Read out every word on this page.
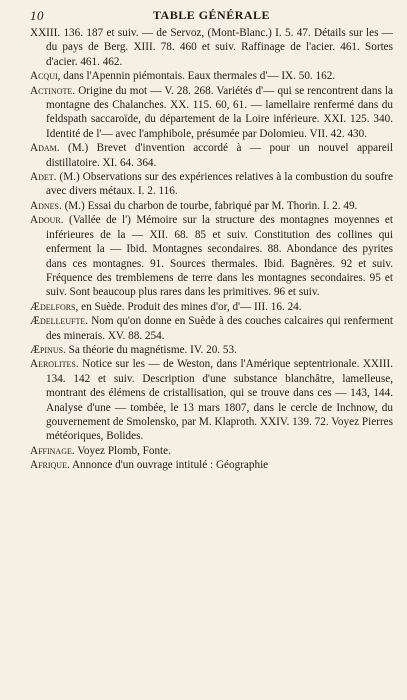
10	TABLE GÉNÉRALE

XXIII. 136. 187 et suiv. — de Servoz, (Mont-Blanc.) I. 5. 47. Détails sur les — du pays de Berg. XIII. 78. 460 et suiv. Raffinage de l'acier. 461. Sortes d'acier. 461. 462.

Acqui, dans l'Apennin piémontais. Eaux thermales d'— IX. 50. 162.

Actinote. Origine du mot — V. 28. 268. Variétés d'— qui se rencontrent dans la montagne des Chalanches. XX. 115. 60, 61. — lamellaire renfermé dans du feldspath saccaroïde, du département de la Loire inférieure. XXI. 125. 340. Identité de l'— avec l'amphibole, présumée par Dolomieu. VII. 42. 430.

Adam. (M.) Brevet d'invention accordé à — pour un nouvel appareil distillatoire. XI. 64. 364.

Adet. (M.) Observations sur des expériences relatives à la combustion du soufre avec divers métaux. I. 2. 116.

Adnes. (M.) Essai du charbon de tourbe, fabriqué par M. Thorin. I. 2. 49.

Adour. (Vallée de l') Mémoire sur la structure des montagnes moyennes et inférieures de la — XII. 68. 85 et suiv. Constitution des collines qui enferment la — Ibid. Montagnes secondaires. 88. Abondance des pyrites dans ces montagnes. 91. Sources thermales. Ibid. Bagnères. 92 et suiv. Fréquence des tremblemens de terre dans les montagnes secondaires. 95 et suiv. Sont beaucoup plus rares dans les primitives. 96 et suiv.

Ædelfors, en Suède. Produit des mines d'or, d'— III. 16. 24.

Ædelleufte. Nom qu'on donne en Suède à des couches calcaires qui renferment des minerais. XV. 88. 254.

Æpinus. Sa théorie du magnétisme. IV. 20. 53.

Aerolites. Notice sur les — de Weston, dans l'Amérique septentrionale. XXIII. 134. 142 et suiv. Description d'une substance blanchâtre, lamelleuse, montrant des élémens de cristallisation, qui se trouve dans ces — 143, 144. Analyse d'une — tombée, le 13 mars 1807, dans le cercle de Inchnow, du gouvernement de Smolensko, par M. Klaproth. XXIV. 139. 72. Voyez Pierres météoriques, Bolides.

Affinage. Voyez Plomb, Fonte.

Afrique. Annonce d'un ouvrage intitulé : Géographie
